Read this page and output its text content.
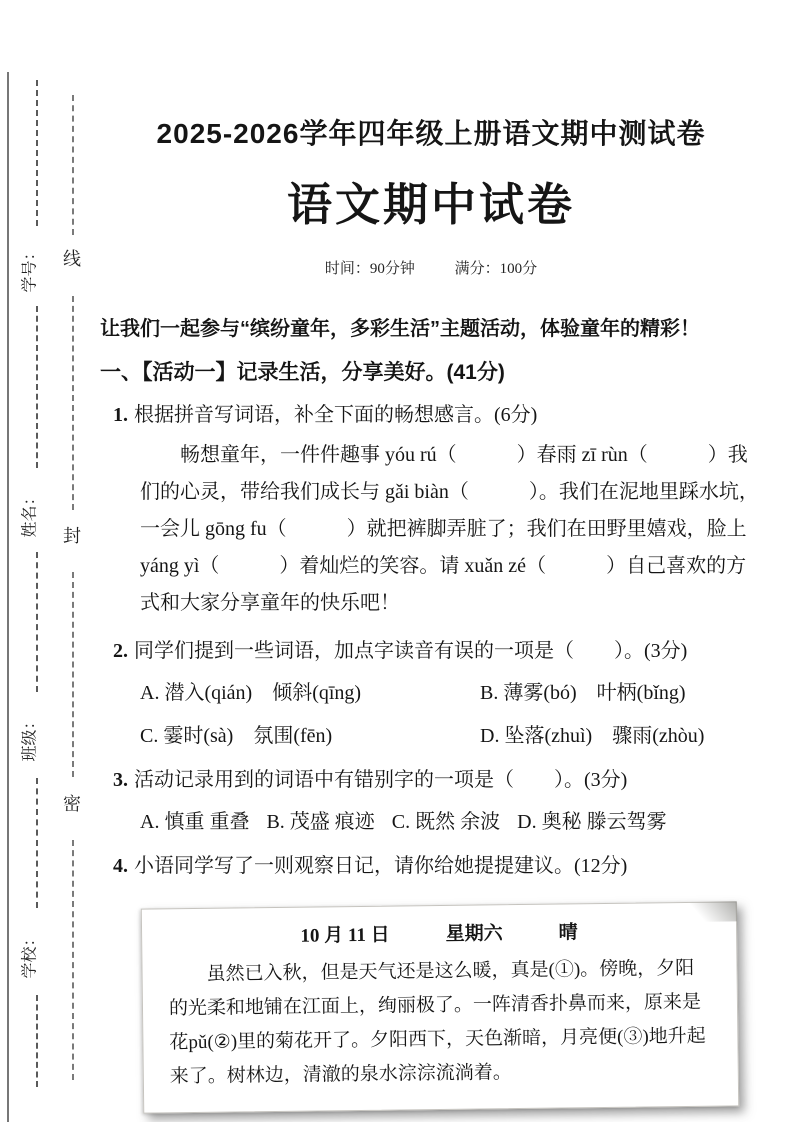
学号：
姓名：
班级：
学校：
线
封
密
2025-2026学年四年级上册语文期中测试卷
语文期中试卷
时间：90分钟	满分：100分

让我们一起参与“缤纷童年，多彩生活”主题活动，体验童年的精彩！

一、【活动一】记录生活，分享美好。(41分)

1. 根据拼音写词语，补全下面的畅想感言。(6分)

畅想童年，一件件趣事 yóu rú（　　　）春雨 zī rùn（　　　）我们的心灵，带给我们成长与 gǎi biàn（　　　）。我们在泥地里踩水坑，一会儿 gōng fu（　　　）就把裤脚弄脏了；我们在田野里嬉戏，脸上 yáng yì（　　　）着灿烂的笑容。请 xuǎn zé（　　　）自己喜欢的方式和大家分享童年的快乐吧！

2. 同学们提到一些词语，加点字读音有误的一项是（　　）。(3分)

A. 潜入(qián)　倾斜(qīng)	B. 薄雾(bó)　叶柄(bǐng)
C. 霎时(sà)　氛围(fēn)	D. 坠落(zhuì)　骤雨(zhòu)

3. 活动记录用到的词语中有错别字的一项是（　　）。(3分)

A. 慎重 重叠 B. 茂盛 痕迹 C. 既然 余波 D. 奥秘 滕云驾雾

4. 小语同学写了一则观察日记，请你给她提提建议。(12分)

10 月 11 日	星期六	晴

虽然已入秋，但是天气还是这么暖，真是(①)。傍晚，夕阳的光柔和地铺在江面上，绚丽极了。一阵清香扑鼻而来，原来是花pǔ(②)里的菊花开了。夕阳西下，天色渐暗，月亮便(③)地升起来了。树林边，清澈的泉水淙淙流淌着。
